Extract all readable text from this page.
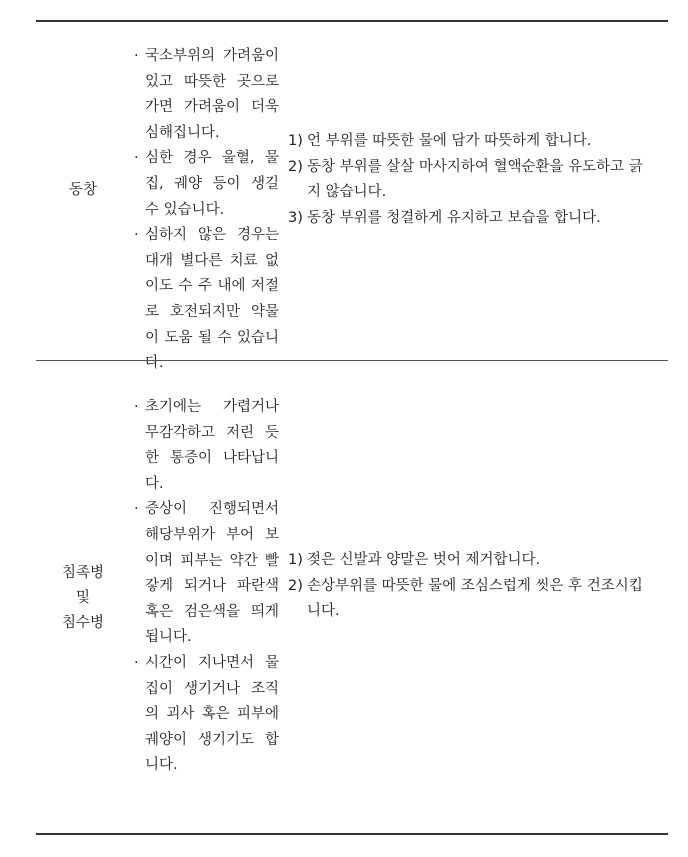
동창
· 국소부위의 가려움이 있고 따뜻한 곳으로 가면 가려움이 더욱 심해집니다.
· 심한 경우 울혈, 물집, 궤양 등이 생길 수 있습니다.
· 심하지 않은 경우는 대개 별다른 치료 없이도 수 주 내에 저절로 호전되지만 약물이 도움 될 수 있습니다.
1) 언 부위를 따뜻한 물에 담가 따뜻하게 합니다.
2) 동창 부위를 살살 마사지하여 혈액순환을 유도하고 긁지 않습니다.
3) 동창 부위를 청결하게 유지하고 보습을 합니다.
침족병
및
침수병
· 초기에는 가렵거나 무감각하고 저린 듯한 통증이 나타납니다.
· 증상이 진행되면서 해당부위가 부어 보이며 피부는 약간 빨갛게 되거나 파란색 혹은 검은색을 띄게 됩니다.
· 시간이 지나면서 물집이 생기거나 조직의 괴사 혹은 피부에 궤양이 생기기도 합니다.
1) 젖은 신발과 양말은 벗어 제거합니다.
2) 손상부위를 따뜻한 물에 조심스럽게 씻은 후 건조시킵니다.
